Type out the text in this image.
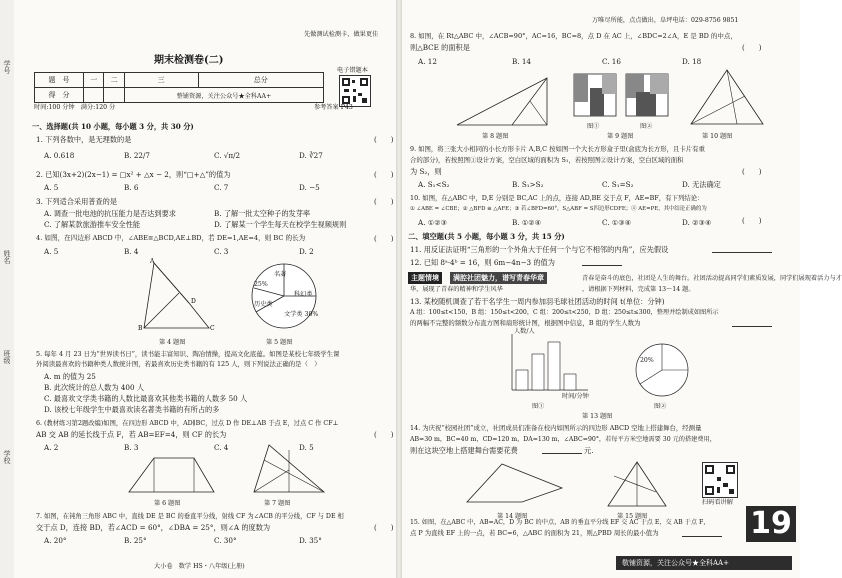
学号
姓名
班级
学校
先做测试检测卡，做果更佳
期末检测卷(二)
题　号	一	二	三	总分
得　分			整铺资源，关注公众号★全科AA+	
电子错题本
时间:100 分钟　满分:120 分	参考答案 P43
一、选择题(共 10 小题，每小题 3 分，共 30 分)
1. 下列各数中，是无理数的是	(　　)
A. 0.618	B. 22/7	C. √π/2	D. ∛27
2. 已知(3x+2)(2x−1) = □x² + △x − 2，则“□+△”的值为	(　　)
A. 5	B. 6	C. 7	D. −5
3. 下列适合采用普查的是	(　　)
A. 调查一批电池的抗压能力是否达到要求	B. 了解一批太空种子的发芽率
C. 了解某款旅游推车安全性能	D. 了解某一个学生每天在校学生视频规则
4. 如图，在四边形 ABCD 中，∠ABE≅△BCD,AE⊥BD，若 DE=1,AE=4，则 BC 的长为	(　　)
A. 5	B. 4	C. 3	D. 2
A
B	C
D
第 4 题图
名著
历史类
科幻类
文学类 30%
25%
第 5 题图
5. 每年 4 月 23 日为“世界读书日”，读书能丰富知识、陶冶情操，提高文化底蕴。如图是某校七年级学生课
外阅读最喜欢的书籍种类人数统计图，若最喜欢历史类书籍的有 125 人，则下列说法正确的是（　）
A. m 的值为 25
B. 此次统计的总人数为 400 人
C. 最喜欢文学类书籍的人数比最喜欢其他类书籍的人数多 50 人
D. 该校七年级学生中最喜欢读名著类书籍的有所占的多
6. (教材练习第2题改编)如图，在四边形 ABCD 中，AD∥BC，过点 D 作 DE⊥AB 于点 E，过点 C 作 CF⊥
AB 交 AB 的延长线于点 F，若 AB=EF=4，则 CF 的长为	(　　)
A. 2	B. 3	C. 4	D. 5
第 6 题图	第 7 题图
7. 如图，在钝角三角形 ABC 中，直线 DE 是 BC 的垂直平分线，射线 CF 为∠ACB 的平分线，CF 与 DE 相
交于点 D，连接 BD，若∠ACD = 60°，∠DBA = 25°，则∠A 的度数为	(　　)
A. 20°	B. 25°	C. 30°	D. 35°
大小卷　数学 HS・八年级(上册)
万唯尽所能，点点做出，阜坪电话：029-8756 9851
8. 如图，在 Rt△ABC 中，∠ACB=90°，AC=16，BC=8，点 D 在 AC 上，∠BDC=2∠A，E 是 BD 的中点，
则△BCE 的面积是	(　　)
A. 12	B. 14	C. 16	D. 18
第 8 题图
图①	图②
第 9 题图	第 10 题图
9. 如图，将三张大小相同的小长方形卡片 A,B,C 按如图一个大长方形盒子里(盒底为长方形，且卡片有重
合的部分)，若按照图①设计方案，空白区域的面积为 S₁，若按照图②设计方案，空白区域的面积
为 S₂，则	(　　)
A. S₁<S₂	B. S₁>S₂	C. S₁=S₂	D. 无法确定
10. 如图，在△ABC 中，D,E 分别是 BC,AC 上的点，连接 AD,BE 交于点 F，AE=BF，有下列结论：
① ∠ABE = ∠CBE；② △BFD ≅ △AFE；③ 若∠BFD=60°，S△ABF = S四边形CDFE；④ AE=PE，其中结论正确的为
(　　)
A. ①②③	B. ①②④	C. ①③④	D. ②③④
二、填空题(共 5 小题，每小题 3 分，共 15 分)
11. 用反证法证明“三角形的一个外角大于任何一个与它不相邻的内角”，应先假设
12. 已知 8ᵃ·4ᵇ = 16，则 6m−4n−3 的值为
主题情境	满腔社团魅力，谱写青春华章	青春是奋斗的底色，社团是人生的舞台。社团活动提高同学们素质发展，同学们展现着活力与才
华，展现了青春的精神和学生风华	，请根据下列材料，完成第 13～14 题。
13. 某校随机调查了若干名学生一周内参加羽毛球社团活动的时间 t(单位：分钟)
A 组：100≤t<150，B 组：150≤t<200，C 组：200≤t<250，D 组：250≤t≤300，整理并绘制成如图所示
的两幅不完整的频数分布直方图和扇形统计图，根据图中信息，B 组的学生人数为
人数/人
时间/分钟
图①
20%
图②
第 13 题图
14. 为庆祝“校园社团”成立，社团成员们准备在校内如图所示的四边形 ABCD 空地上搭建舞台，经测量
AB=30 m，BC=40 m，CD=120 m，DA=130 m，∠ABC=90°，若每平方米空地需要 30 元的搭建费用，
则在这块空地上搭建舞台需要花费	元.
第 14 题图	第 15 题图
扫码看讲解
19
15. 如图，在△ABC 中，AB=AC，D 为 BC 的中点，AB 的垂直平分线 EF 交 AC 于点 E，交 AB 于点 F，
点 P 为直线 EF 上的一点，若 BC=6，△ABC 的面积为 21，则△PBD 周长的最小值为
敬铺资源，关注公众号★全科AA+
